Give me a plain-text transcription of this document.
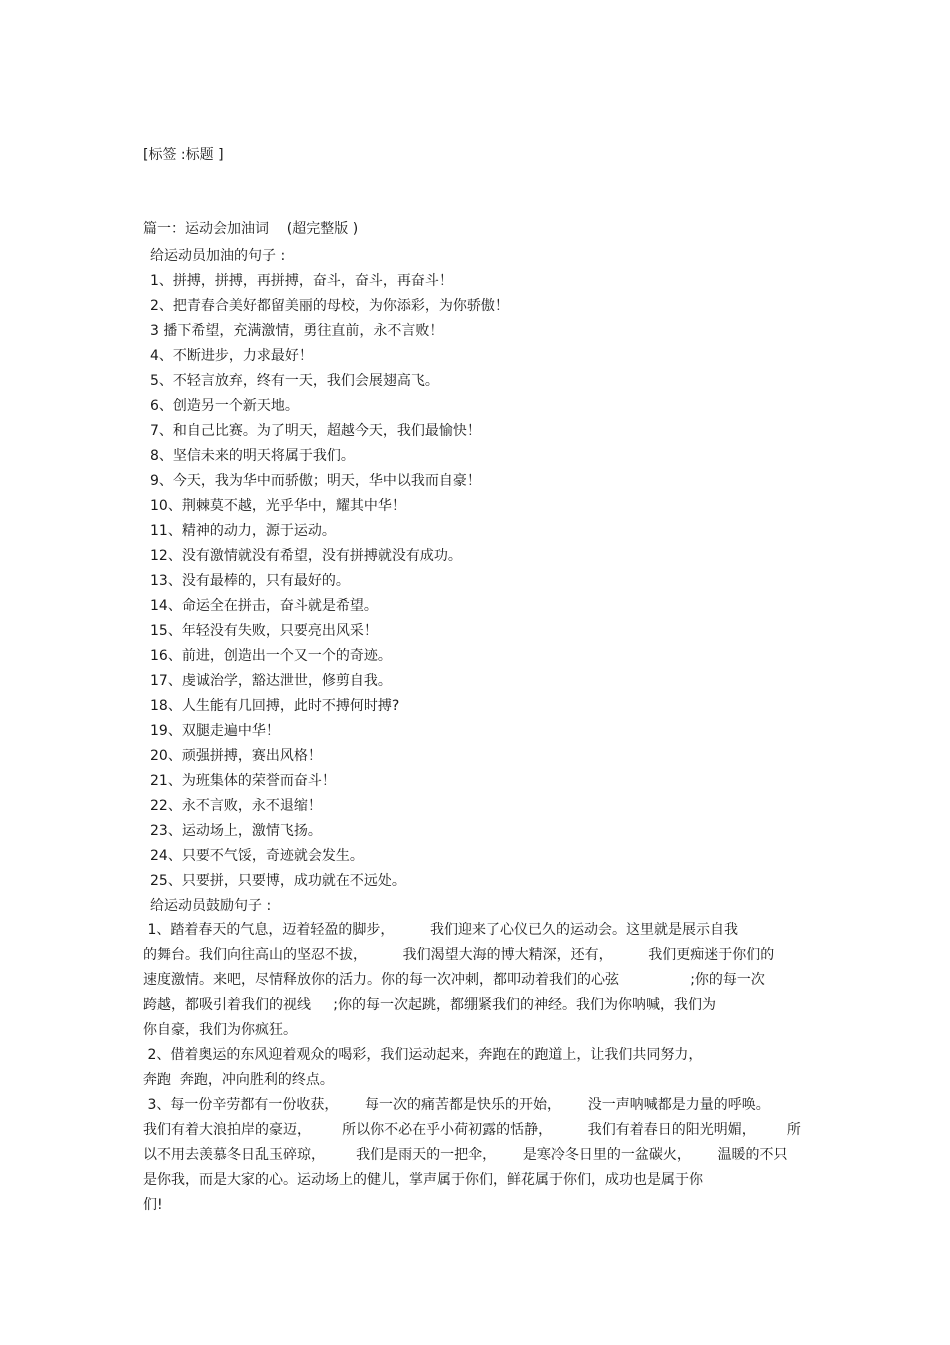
[标签 :标题 ]
篇一：运动会加油词    (超完整版 )
给运动员加油的句子 :
1、拼搏，拼搏，再拼搏，奋斗，奋斗，再奋斗！
2、把青春合美好都留美丽的母校，为你添彩，为你骄傲！
3 播下希望，充满激情，勇往直前，永不言败！
4、不断进步，力求最好！
5、不轻言放弃，终有一天，我们会展翅高飞。
6、创造另一个新天地。
7、和自己比赛。为了明天，超越今天，我们最愉快！
8、坚信未来的明天将属于我们。
9、今天，我为华中而骄傲；明天，华中以我而自豪！
10、荆棘莫不越，光乎华中，耀其中华！
11、精神的动力，源于运动。
12、没有激情就没有希望，没有拼搏就没有成功。
13、没有最棒的，只有最好的。
14、命运全在拼击，奋斗就是希望。
15、年轻没有失败，只要亮出风采！
16、前进，创造出一个又一个的奇迹。
17、虔诚治学，豁达泄世，修剪自我。
18、人生能有几回搏，此时不搏何时搏?
19、双腿走遍中华！
20、顽强拼搏，赛出风格！
21、为班集体的荣誉而奋斗！
22、永不言败，永不退缩！
23、运动场上，激情飞扬。
24、只要不气馁，奇迹就会发生。
25、只要拼，只要博，成功就在不远处。
给运动员鼓励句子 :
1、踏着春天的气息，迈着轻盈的脚步，        我们迎来了心仪已久的运动会。这里就是展示自我
的舞台。我们向往高山的坚忍不拔，        我们渴望大海的博大精深，还有，        我们更痴迷于你们的
速度激情。来吧，尽情释放你的活力。你的每一次冲刺，都叩动着我们的心弦                ;你的每一次
跨越，都吸引着我们的视线     ;你的每一次起跳，都绷紧我们的神经。我们为你呐喊，我们为
你自豪，我们为你疯狂。
2、借着奥运的东风迎着观众的喝彩，我们运动起来，奔跑在的跑道上，让我们共同努力，
奔跑  奔跑，冲向胜利的终点。
3、每一份辛劳都有一份收获，      每一次的痛苦都是快乐的开始，      没一声呐喊都是力量的呼唤。
我们有着大浪拍岸的豪迈，       所以你不必在乎小荷初露的恬静，        我们有着春日的阳光明媚，       所
以不用去羡慕冬日乱玉碎琼，       我们是雨天的一把伞，      是寒冷冬日里的一盆碳火，      温暖的不只
是你我，而是大家的心。运动场上的健儿，掌声属于你们，鲜花属于你们，成功也是属于你
们!
